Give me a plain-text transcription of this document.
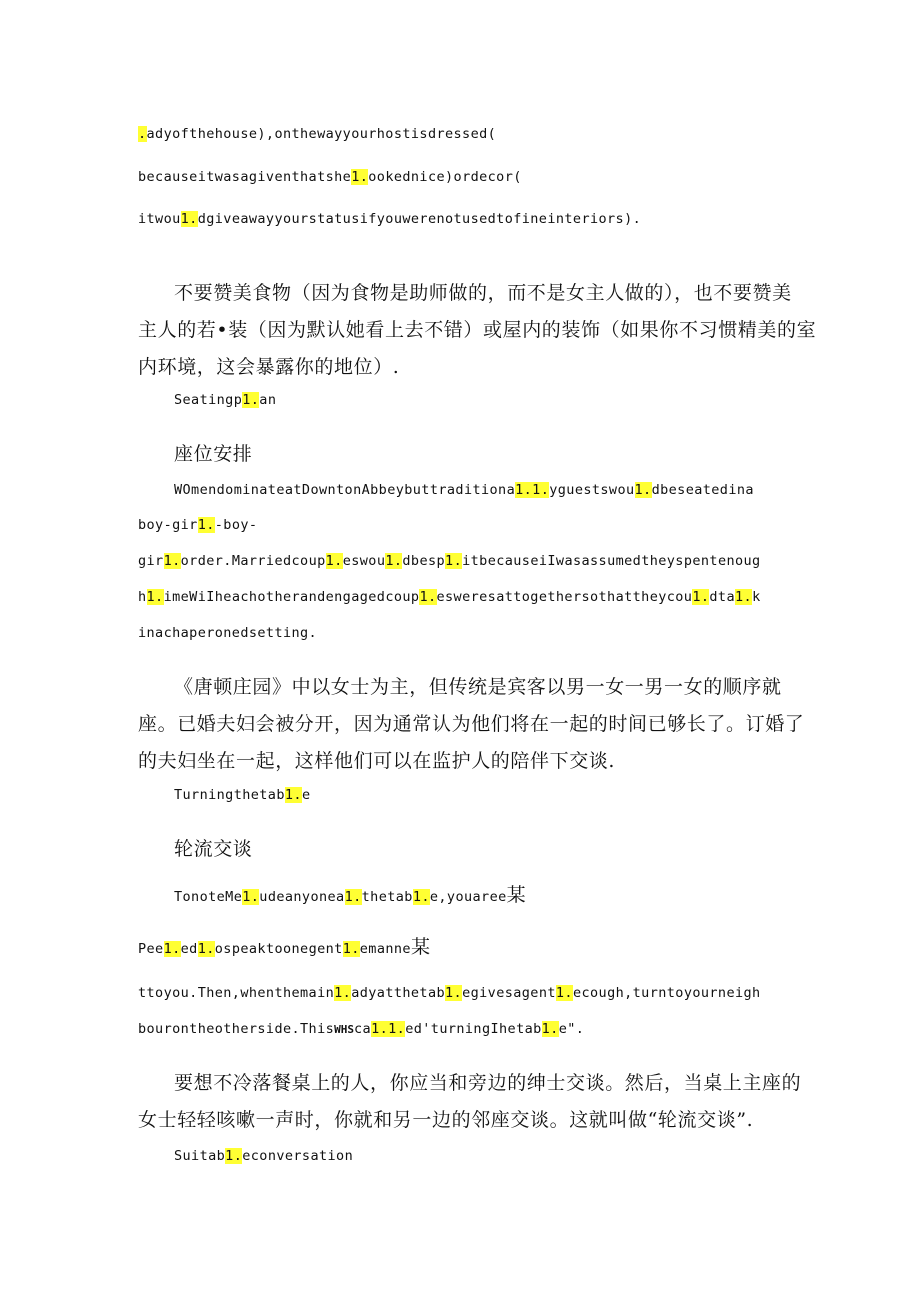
.adyofthehouse),onthewayyourhostisdressed(
becauseitwasagiventhatshe1.ookednice)ordecor(
itwou1.dgiveawayyourstatusifyouwerenotusedtofineinteriors).
不要赞美食物（因为食物是助师做的，而不是女主人做的），也不要赞美
主人的若•装（因为默认她看上去不错）或屋内的装饰（如果你不习惯精美的室
内环境，这会暴露你的地位）.
Seatingp1.an
座位安排
WOmendominateatDowntonAbbeybuttraditiona1.1.yguestswou1.dbeseatedina
boy-gir1.-boy-
gir1.order.Marriedcoup1.eswou1.dbesp1.itbecauseiIwasassumedtheyspentenoug
h1.imeWiIheachotherandengagedcoup1.esweresattogethersothattheycou1.dta1.k
inachaperonedsetting.
《唐顿庄园》中以女士为主，但传统是宾客以男一女一男一女的顺序就
座。已婚夫妇会被分开，因为通常认为他们将在一起的时间已够长了。订婚了
的夫妇坐在一起，这样他们可以在监护人的陪伴下交谈.
Turningthetab1.e
轮流交谈
TonoteMe1.udeanyonea1.thetab1.e,youaree某
Pee1.ed1.ospeaktoonegent1.emanne某
ttoyou.Then,whenthemain1.adyatthetab1.egivesagent1.ecough,turntoyourneigh
bourontheotherside.ThisWHSca1.1.ed'turningIhetab1.e".
要想不冷落餐桌上的人，你应当和旁边的绅士交谈。然后，当桌上主座的
女士轻轻咳嗽一声时，你就和另一边的邻座交谈。这就叫做“轮流交谈”.
Suitab1.econversation
